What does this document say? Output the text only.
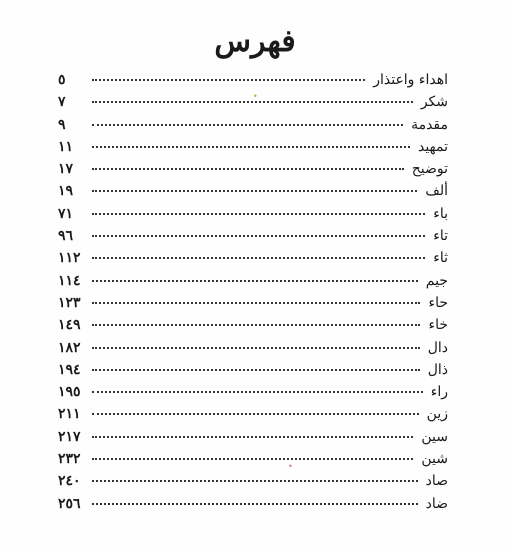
فهرس
اهداء واعتذار
٥
شكر
٧
مقدمة
٩
تمهيد
١١
توضيح
١٧
ألف
١٩
باء
٧١
تاء
٩٦
ثاء
١١٢
جيم
١١٤
حاء
١٢٣
خاء
١٤٩
دال
١٨٢
ذال
١٩٤
راء
١٩٥
زين
٢١١
سين
٢١٧
شين
٢٣٢
صاد
٢٤٠
ضاد
٢٥٦
•
•
